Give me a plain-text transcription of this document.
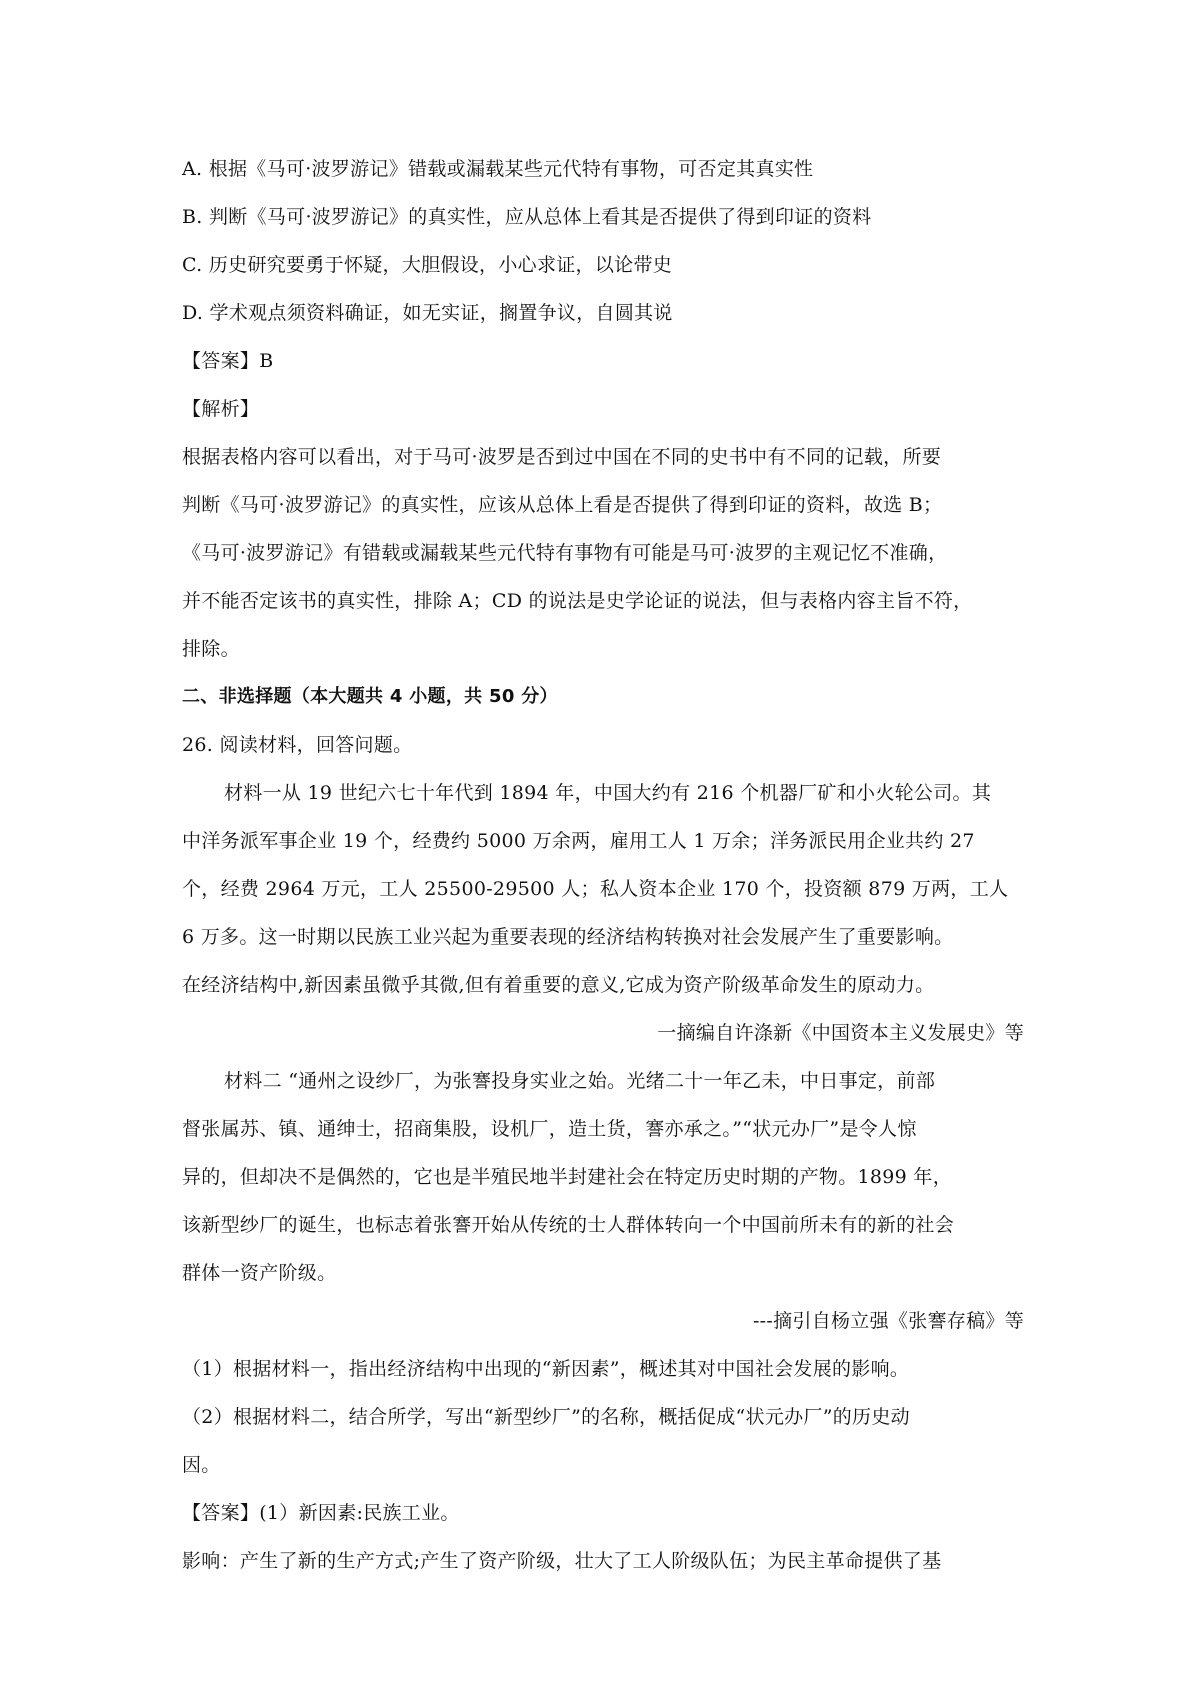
A. 根据《马可·波罗游记》错载或漏载某些元代特有事物，可否定其真实性
B. 判断《马可·波罗游记》的真实性，应从总体上看其是否提供了得到印证的资料
C. 历史研究要勇于怀疑，大胆假设，小心求证，以论带史
D. 学术观点须资料确证，如无实证，搁置争议，自圆其说
【答案】B
【解析】
根据表格内容可以看出，对于马可·波罗是否到过中国在不同的史书中有不同的记载，所要
判断《马可·波罗游记》的真实性，应该从总体上看是否提供了得到印证的资料，故选 B；
《马可·波罗游记》有错载或漏载某些元代特有事物有可能是马可·波罗的主观记忆不准确，
并不能否定该书的真实性，排除 A；CD 的说法是史学论证的说法，但与表格内容主旨不符，
排除。
二、非选择题（本大题共 4 小题，共 50 分）
26. 阅读材料，回答问题。
材料一从 19 世纪六七十年代到 1894 年，中国大约有 216 个机器厂矿和小火轮公司。其
中洋务派军事企业 19 个，经费约 5000 万余两，雇用工人 1 万余；洋务派民用企业共约 27
个，经费 2964 万元，工人 25500-29500 人；私人资本企业 170 个，投资额 879 万两，工人
6 万多。这一时期以民族工业兴起为重要表现的经济结构转换对社会发展产生了重要影响。
在经济结构中,新因素虽微乎其微,但有着重要的意义,它成为资产阶级革命发生的原动力。
一摘编自许涤新《中国资本主义发展史》等
材料二 “通州之设纱厂，为张謇投身实业之始。光绪二十一年乙未，中日事定，前部
督张属苏、镇、通绅士，招商集股，设机厂，造土货，謇亦承之。”“状元办厂”是令人惊
异的，但却决不是偶然的，它也是半殖民地半封建社会在特定历史时期的产物。1899 年，
该新型纱厂的诞生，也标志着张謇开始从传统的士人群体转向一个中国前所未有的新的社会
群体一资产阶级。
---摘引自杨立强《张謇存稿》等
（1）根据材料一，指出经济结构中出现的“新因素”，概述其对中国社会发展的影响。
（2）根据材料二，结合所学，写出“新型纱厂”的名称，概括促成“状元办厂”的历史动
因。
【答案】(1）新因素:民族工业。
影响：产生了新的生产方式;产生了资产阶级，壮大了工人阶级队伍；为民主革命提供了基
